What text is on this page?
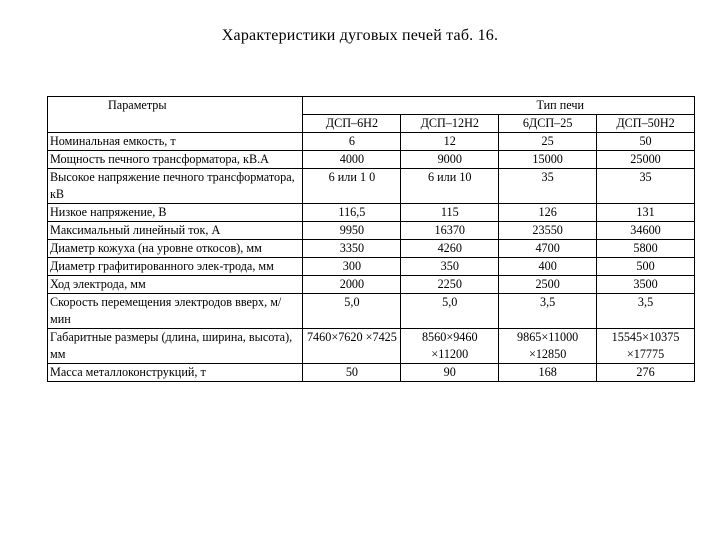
Характеристики дуговых печей таб. 16.
Параметры	Тип печи			
	ДСП–6Н2	ДСП–12Н2	6ДСП–25	ДСП–50Н2
Номинальная емкость, т	6	12	25	50
Мощность печного трансформатора, кВ.А	4000	9000	15000	25000
Высокое напряжение печного трансформатора, кВ	6 или 1 0	6 или 10	35	35
Низкое напряжение, В	116,5	115	126	131
Максимальный линейный ток, А	9950	16370	23550	34600
Диаметр кожуха (на уровне откосов), мм	3350	4260	4700	5800
Диаметр графитированного элек-трода, мм	300	350	400	500
Ход электрода, мм	2000	2250	2500	3500
Скорость перемещения электродов вверх, м/мин	5,0	5,0	3,5	3,5
Габаритные размеры (длина, ширина, высота), мм	7460×7620 ×7425	8560×9460 ×11200	9865×11000 ×12850	15545×10375 ×17775
Масса металлоконструкций, т	50	90	168	276
